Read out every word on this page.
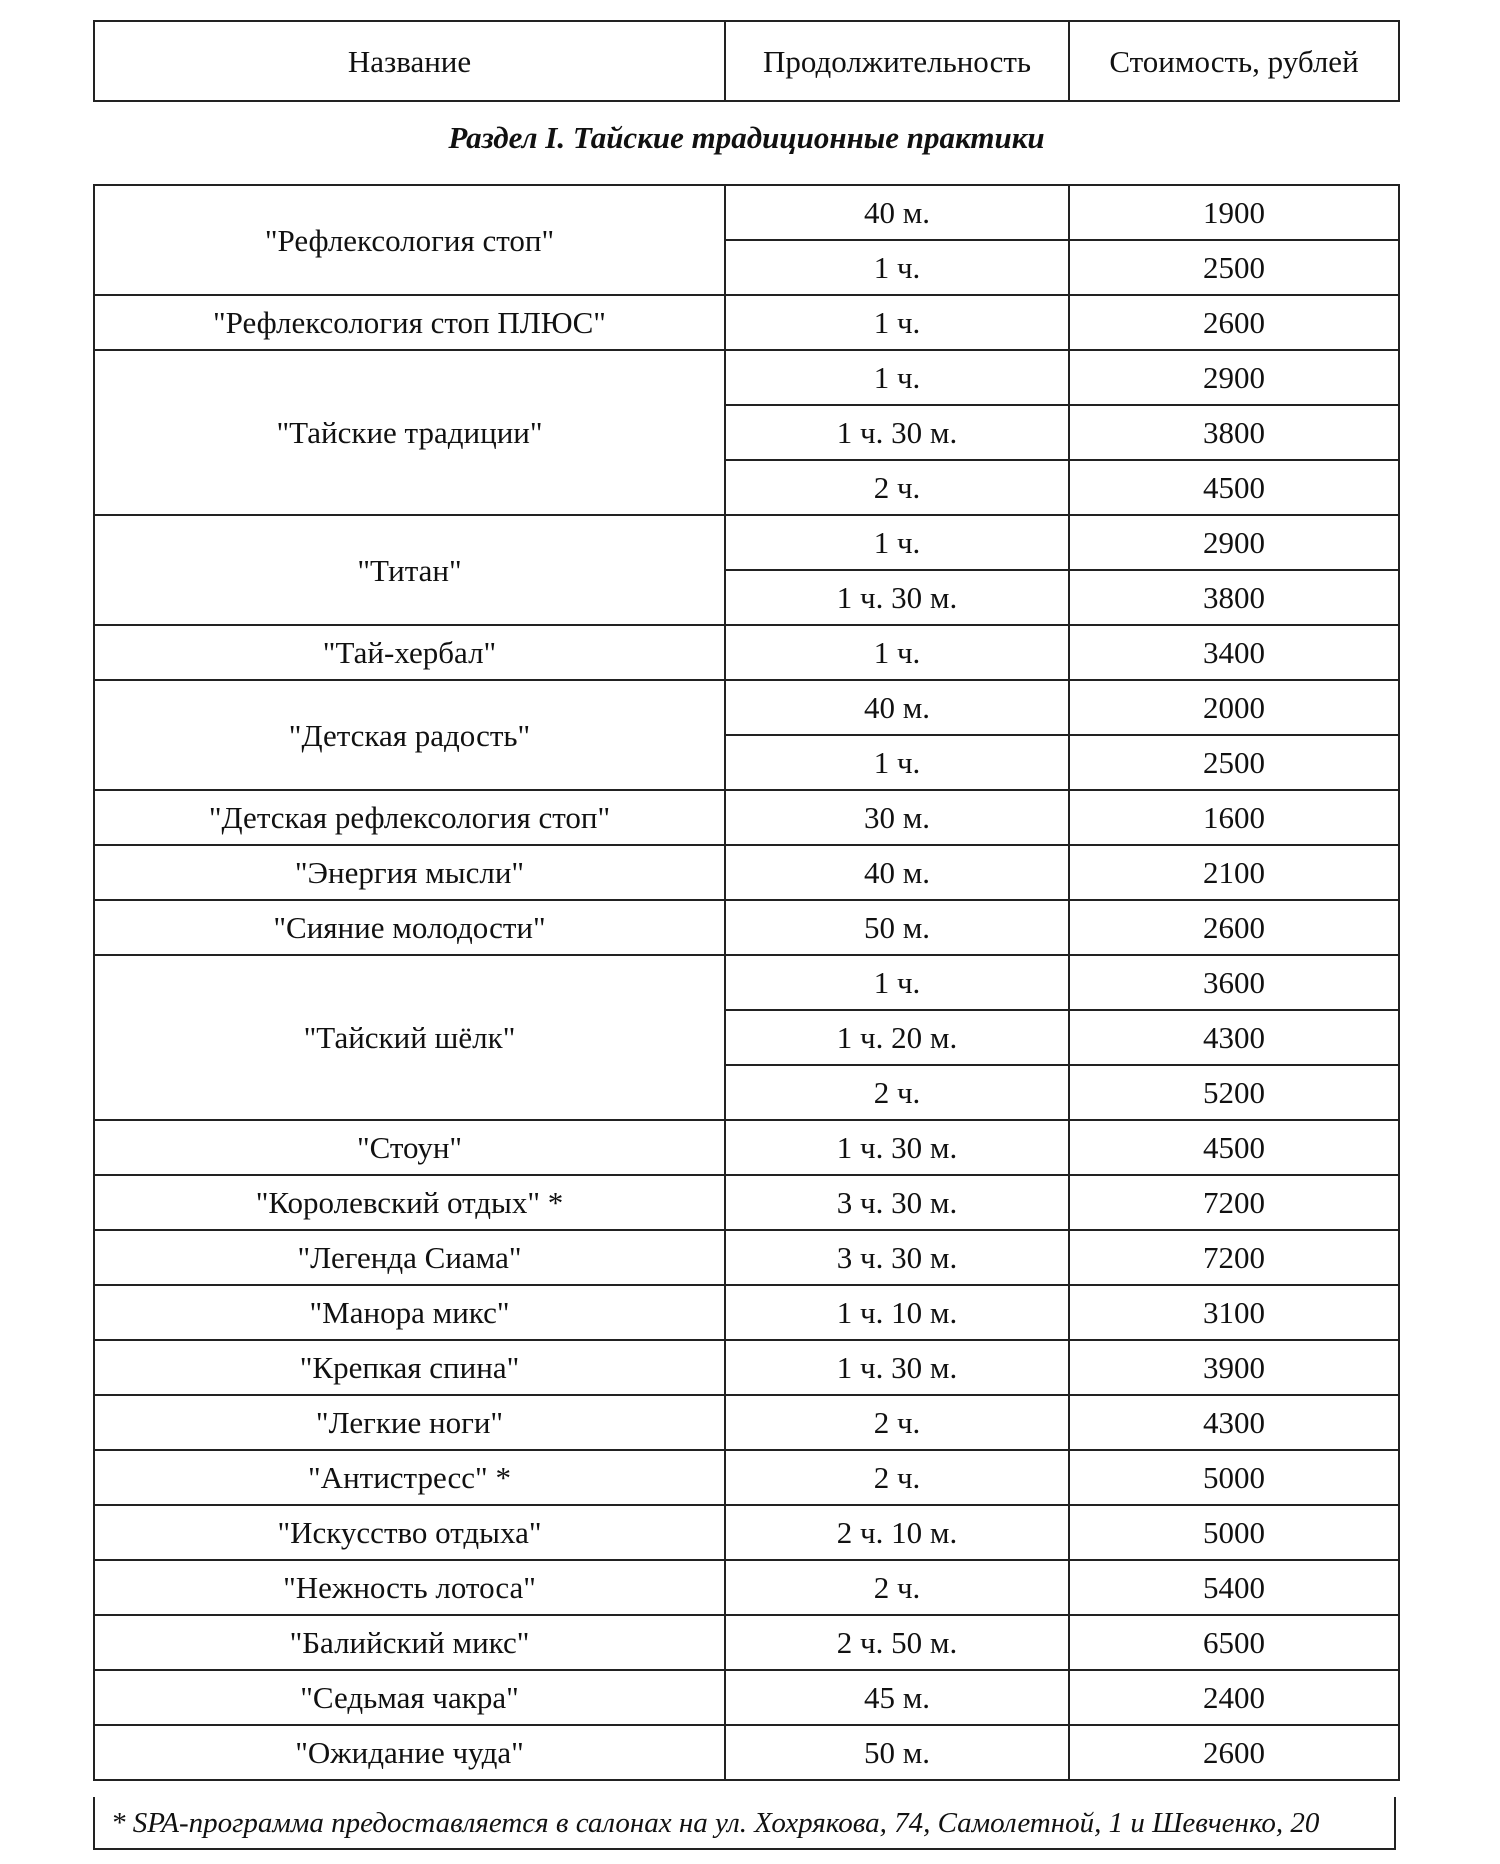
Название	Продолжительность	Стоимость, рублей
Раздел I. Тайские традиционные практики
"Рефлексология стоп"	40 м.	1900
	1 ч.	2500
"Рефлексология стоп ПЛЮС"	1 ч.	2600
"Тайские традиции"	1 ч.	2900
	1 ч. 30 м.	3800
	2 ч.	4500
"Титан"	1 ч.	2900
	1 ч. 30 м.	3800
"Тай-хербал"	1 ч.	3400
"Детская радость"	40 м.	2000
	1 ч.	2500
"Детская рефлексология стоп"	30 м.	1600
"Энергия мысли"	40 м.	2100
"Сияние молодости"	50 м.	2600
"Тайский шёлк"	1 ч.	3600
	1 ч. 20 м.	4300
	2 ч.	5200
"Стоун"	1 ч. 30 м.	4500
"Королевский отдых" *	3 ч. 30 м.	7200
"Легенда Сиама"	3 ч. 30 м.	7200
"Манора микс"	1 ч. 10 м.	3100
"Крепкая спина"	1 ч. 30 м.	3900
"Легкие ноги"	2 ч.	4300
"Антистресс" *	2 ч.	5000
"Искусство отдыха"	2 ч. 10 м.	5000
"Нежность лотоса"	2 ч.	5400
"Балийский микс"	2 ч. 50 м.	6500
"Седьмая чакра"	45 м.	2400
"Ожидание чуда"	50 м.	2600
* SPA-программа предоставляется в салонах на ул. Хохрякова, 74, Самолетной, 1 и Шевченко, 20
